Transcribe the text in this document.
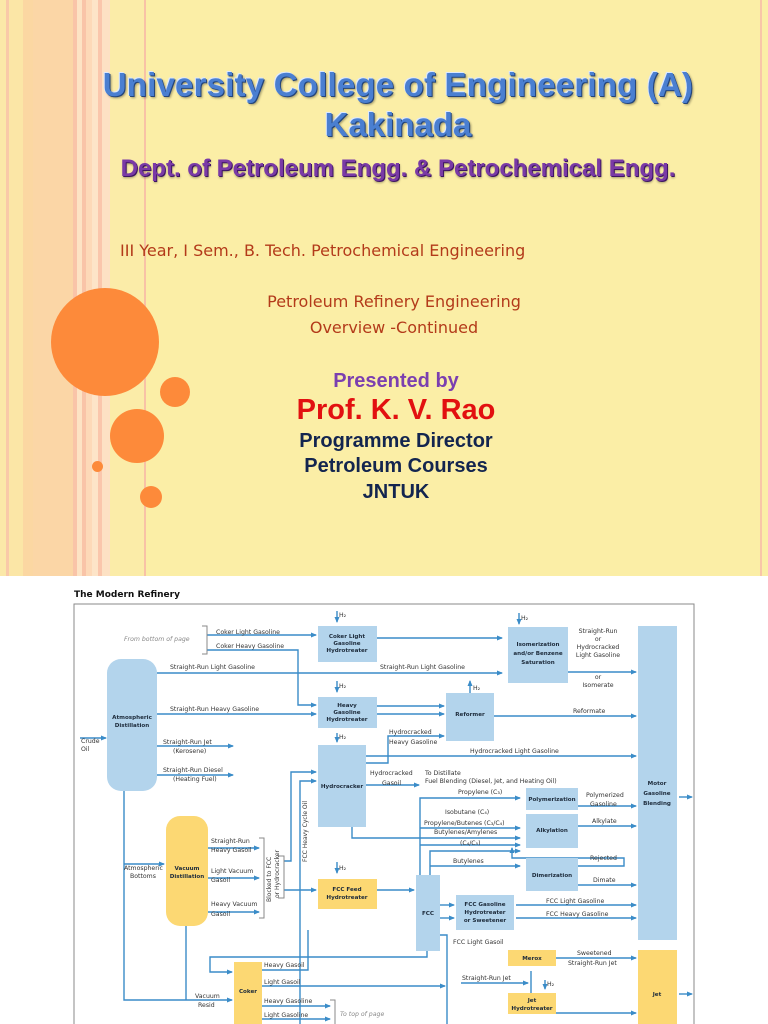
University College of Engineering (A)
Kakinada
Dept. of Petroleum Engg. & Petrochemical Engg.
III Year, I Sem., B. Tech. Petrochemical Engineering
Petroleum Refinery Engineering
Overview -Continued
Presented by
Prof. K. V. Rao
Programme Director
Petroleum Courses
JNTUK
The Modern Refinery
Atmospheric
Distillation
Coker Light
Gasoline
Hydrotreater
Heavy
Gasoline
Hydrotreater
Reformer
Isomerization
and/or Benzene
Saturation
Hydrocracker
Polymerization
Alkylation
Dimerization
FCC
FCC Gasoline
Hydrotreater
or Sweetener
Motor
Gasoline
Blending
Vacuum
Distillation
FCC Feed
Hydrotreater
Coker
Merox
Jet
Hydrotreater
Jet
From bottom of page
Coker Light Gasoline
Coker Heavy Gasoline
Straight-Run Light Gasoline	Straight-Run Light Gasoline
Straight-Run Heavy Gasoline
Crude
Oil
Straight-Run Jet
(Kerosene)
Straight-Run Diesel
(Heating Fuel)
Atmospheric
Bottoms
Straight-Run
Heavy Gasoil
Light Vacuum
Gasoil
Heavy Vacuum
Gasoil
Hydrocracked
Heavy Gasoline
Hydrocracked Light Gasoline
Hydrocracked
Gasoil
To Distillate
Fuel Blending (Diesel, Jet, and Heating Oil)
Propylene (C₃)
Isobutane (C₄)
Propylene/Butenes (C₃/C₄)
Butylenes/Amylenes
(C₄/C₅)
Butylenes
Straight-Run
or
Hydrocracked
Light Gasoline
or
Isomerate
Reformate
Polymerized
Gasoline
Alkylate
Rejected
Dimate
FCC Light Gasoline
FCC Heavy Gasoline
FCC Light Gasoil
Sweetened
Straight-Run Jet
Straight-Run Jet
Heavy Gasoil
Light Gasoil
Vacuum
Resid
Heavy Gasoline
Light Gasoline	To top of page
H₂
H₂
H₂
H₂
H₂
H₂
H₂
Blocked to FCC or Hydrocracker
FCC Heavy Cycle Oil
